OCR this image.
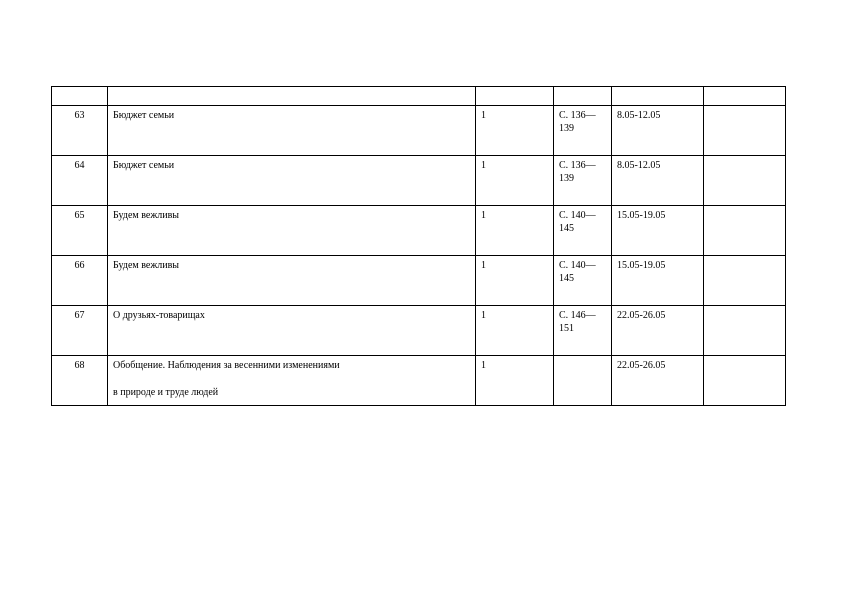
63	Бюджет семьи	1	С. 136—
139	8.05-12.05	
64	Бюджет семьи	1	С. 136—
139	8.05-12.05	
65	Будем вежливы	1	С. 140—
145	15.05-19.05	
66	Будем вежливы	1	С. 140—
145	15.05-19.05	
67	О друзьях-товарищах	1	С. 146—
151	22.05-26.05	
68	Обобщение. Наблюдения за весенними изменениями
в природе и труде людей	1		22.05-26.05	
